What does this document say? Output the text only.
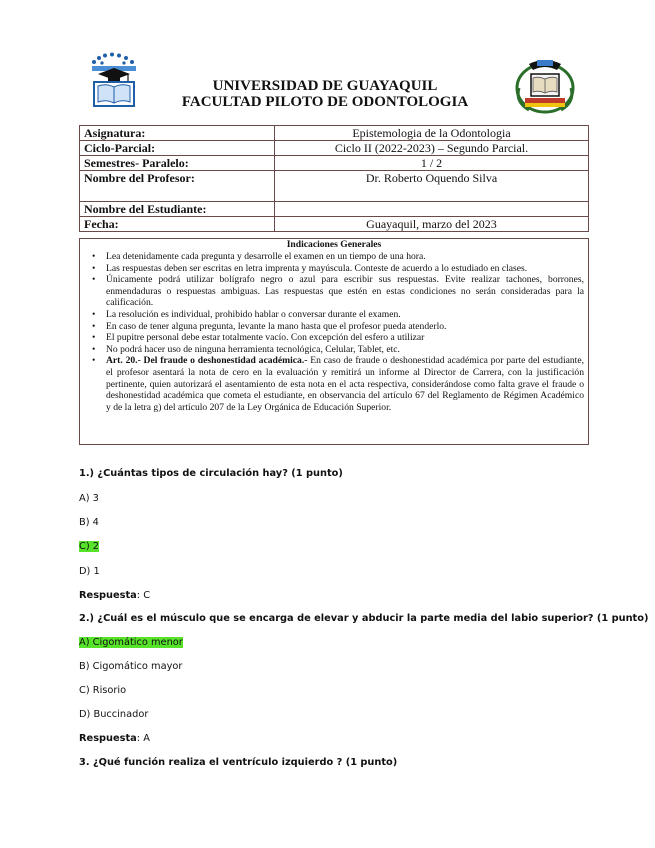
UNIVERSIDAD DE GUAYAQUIL
FACULTAD PILOTO DE ODONTOLOGIA
Asignatura:	Epistemologia de la Odontologia
Ciclo-Parcial:	Ciclo II (2022-2023) – Segundo Parcial.
Semestres- Paralelo:	1 / 2
Nombre del Profesor:	Dr. Roberto Oquendo Silva
Nombre del Estudiante:	
Fecha:	Guayaquil, marzo del 2023

Indicaciones Generales

• Lea detenidamente cada pregunta y desarrolle el examen en un tiempo de una hora.
• Las respuestas deben ser escritas en letra imprenta y mayúscula. Conteste de acuerdo a lo estudiado en clases.
• Únicamente podrá utilizar bolígrafo negro o azul para escribir sus respuestas. Evite realizar tachones, borrones, enmendaduras o respuestas ambiguas. Las respuestas que estén en estas condiciones no serán consideradas para la calificación.
• La resolución es individual, prohibido hablar o conversar durante el examen.
• En caso de tener alguna pregunta, levante la mano hasta que el profesor pueda atenderlo.
• El pupitre personal debe estar totalmente vacío. Con excepción del esfero a utilizar
• No podrá hacer uso de ninguna herramienta tecnológica, Celular, Tablet, etc.
• Art. 20.- Del fraude o deshonestidad académica.- En caso de fraude o deshonestidad académica por parte del estudiante, el profesor asentará la nota de cero en la evaluación y remitirá un informe al Director de Carrera, con la justificación pertinente, quien autorizará el asentamiento de esta nota en el acta respectiva, considerándose como falta grave el fraude o deshonestidad académica que cometa el estudiante, en observancia del artículo 67 del Reglamento de Régimen Académico y de la letra g) del artículo 207 de la Ley Orgánica de Educación Superior.
1.) ¿Cuántas tipos de circulación hay? (1 punto)
A) 3
B) 4
C) 2
D) 1
Respuesta: C
2.) ¿Cuál es el músculo que se encarga de elevar y abducir la parte media del labio superior? (1 punto)
A) Cigomático menor
B) Cigomático mayor
C) Risorio
D) Buccinador
Respuesta: A
3. ¿Qué función realiza el ventrículo izquierdo ? (1 punto)
